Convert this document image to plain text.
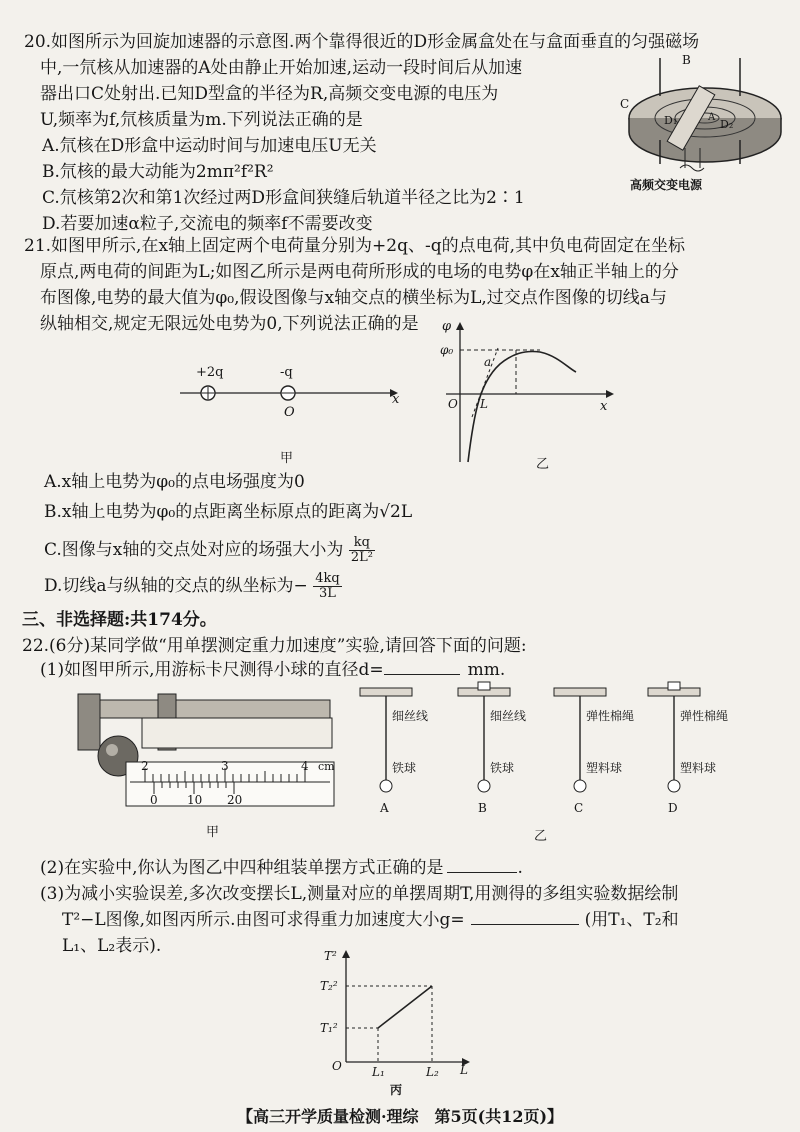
20.如图所示为回旋加速器的示意图.两个靠得很近的D形金属盒处在与盒面垂直的匀强磁场
中,一氘核从加速器的A处由静止开始加速,运动一段时间后从加速
器出口C处射出.已知D型盒的半径为R,高频交变电源的电压为
U,频率为f,氘核质量为m.下列说法正确的是
A.氘核在D形盒中运动时间与加速电压U无关
B.氘核的最大动能为2mπ²f²R²
C.氘核第2次和第1次经过两D形盒间狭缝后轨道半径之比为2∶1
D.若要加速α粒子,交流电的频率f不需要改变
B
C
A
D₁	D₂
高频交变电源
21.如图甲所示,在x轴上固定两个电荷量分别为+2q、-q的点电荷,其中负电荷固定在坐标
原点,两电荷的间距为L;如图乙所示是两电荷所形成的电场的电势φ在x轴正半轴上的分
布图像,电势的最大值为φ₀,假设图像与x轴交点的横坐标为L,过交点作图像的切线a与
纵轴相交,规定无限远处电势为0,下列说法正确的是
+2q	-q
O
x
甲
φ
φ₀
a
O L	x
乙
A.x轴上电势为φ₀的点电场强度为0
B.x轴上电势为φ₀的点距离坐标原点的距离为√2L
C.图像与x轴的交点处对应的场强大小为 $\frac{kq}{\text{2L²}}$
D.切线a与纵轴的交点的纵坐标为− $\frac{4kq}{3L}$
三、非选择题:共174分。
22.(6分)某同学做“用单摆测定重力加速度”实验,请回答下面的问题:
(1)如图甲所示,用游标卡尺测得小球的直径d=	mm.
2	3	4 cm
0 10 20
甲
细丝线
铁球
A
细丝线
铁球
B
弹性棉绳
塑料球
C
弹性棉绳
塑料球
D
乙
(2)在实验中,你认为图乙中四种组装单摆方式正确的是	.
(3)为减小实验误差,多次改变摆长L,测量对应的单摆周期T,用测得的多组实验数据绘制
T²−L图像,如图丙所示.由图可求得重力加速度大小g=	(用T₁、T₂和
L₁、L₂表示).	T²
T₂²
T₁²
O	L₁	L₂ L
丙
【高三开学质量检测·理综　第5页(共12页)】
